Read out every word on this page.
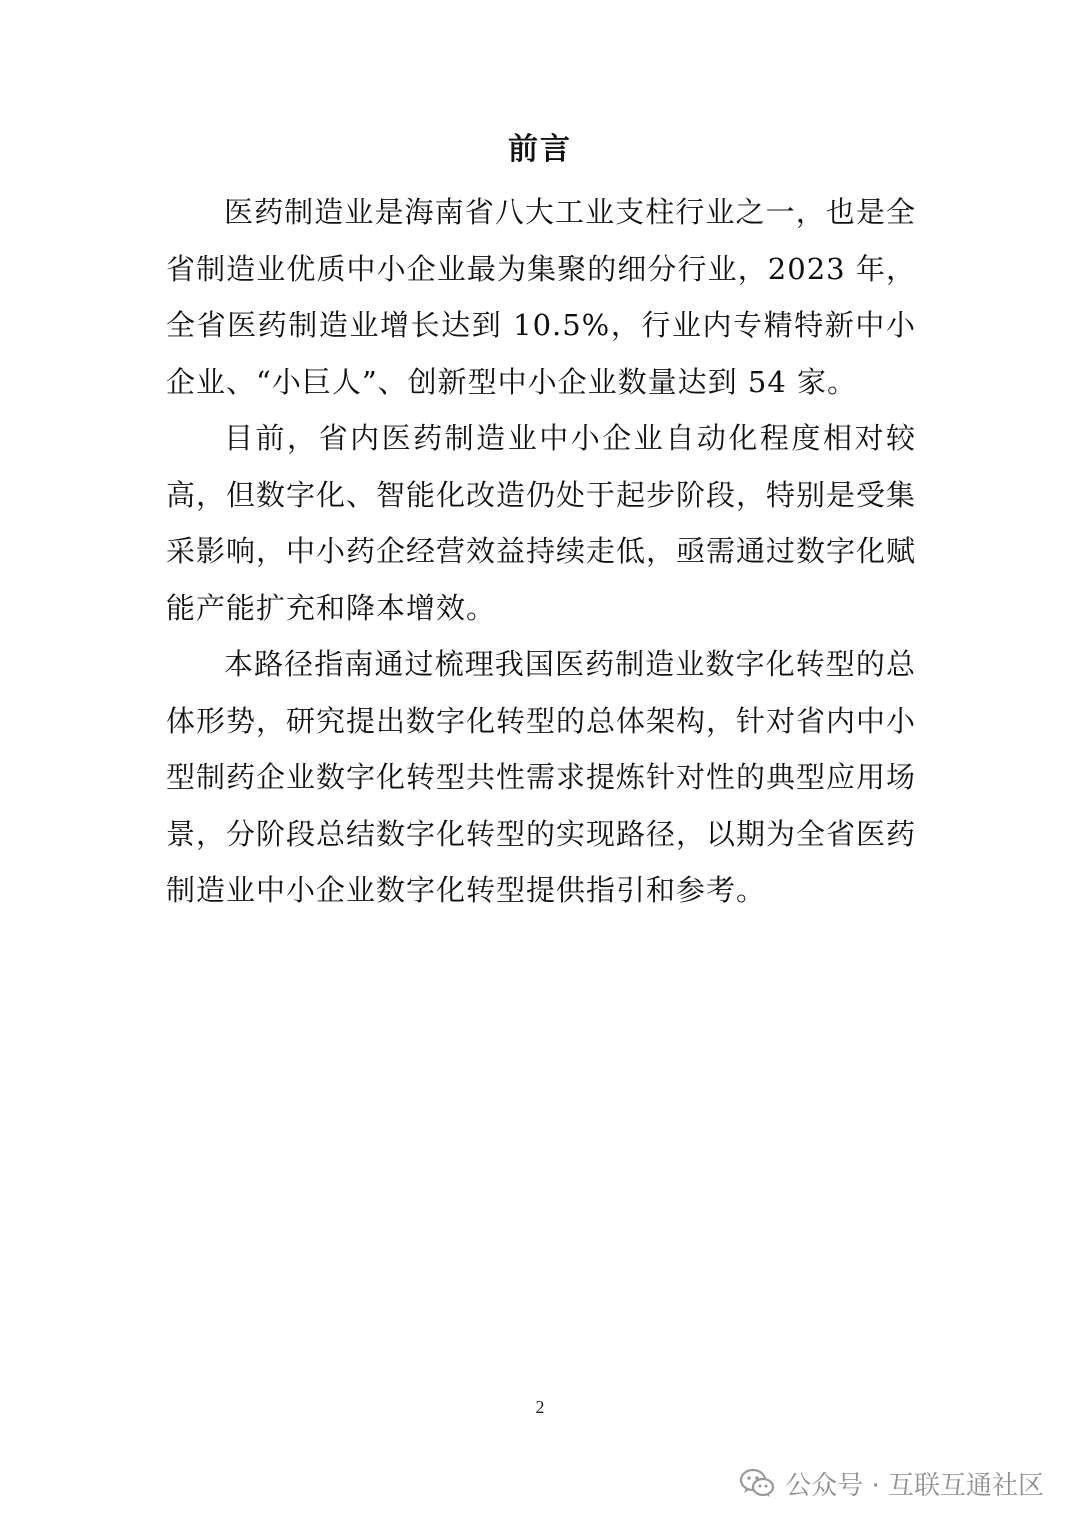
前言

医药制造业是海南省八大工业支柱行业之一，也是全省制造业优质中小企业最为集聚的细分行业，2023 年，全省医药制造业增长达到 10.5%，行业内专精特新中小企业、“小巨人”、创新型中小企业数量达到 54 家。

目前，省内医药制造业中小企业自动化程度相对较高，但数字化、智能化改造仍处于起步阶段，特别是受集采影响，中小药企经营效益持续走低，亟需通过数字化赋能产能扩充和降本增效。

本路径指南通过梳理我国医药制造业数字化转型的总体形势，研究提出数字化转型的总体架构，针对省内中小型制药企业数字化转型共性需求提炼针对性的典型应用场景，分阶段总结数字化转型的实现路径，以期为全省医药制造业中小企业数字化转型提供指引和参考。

2
公众号 · 互联互通社区
